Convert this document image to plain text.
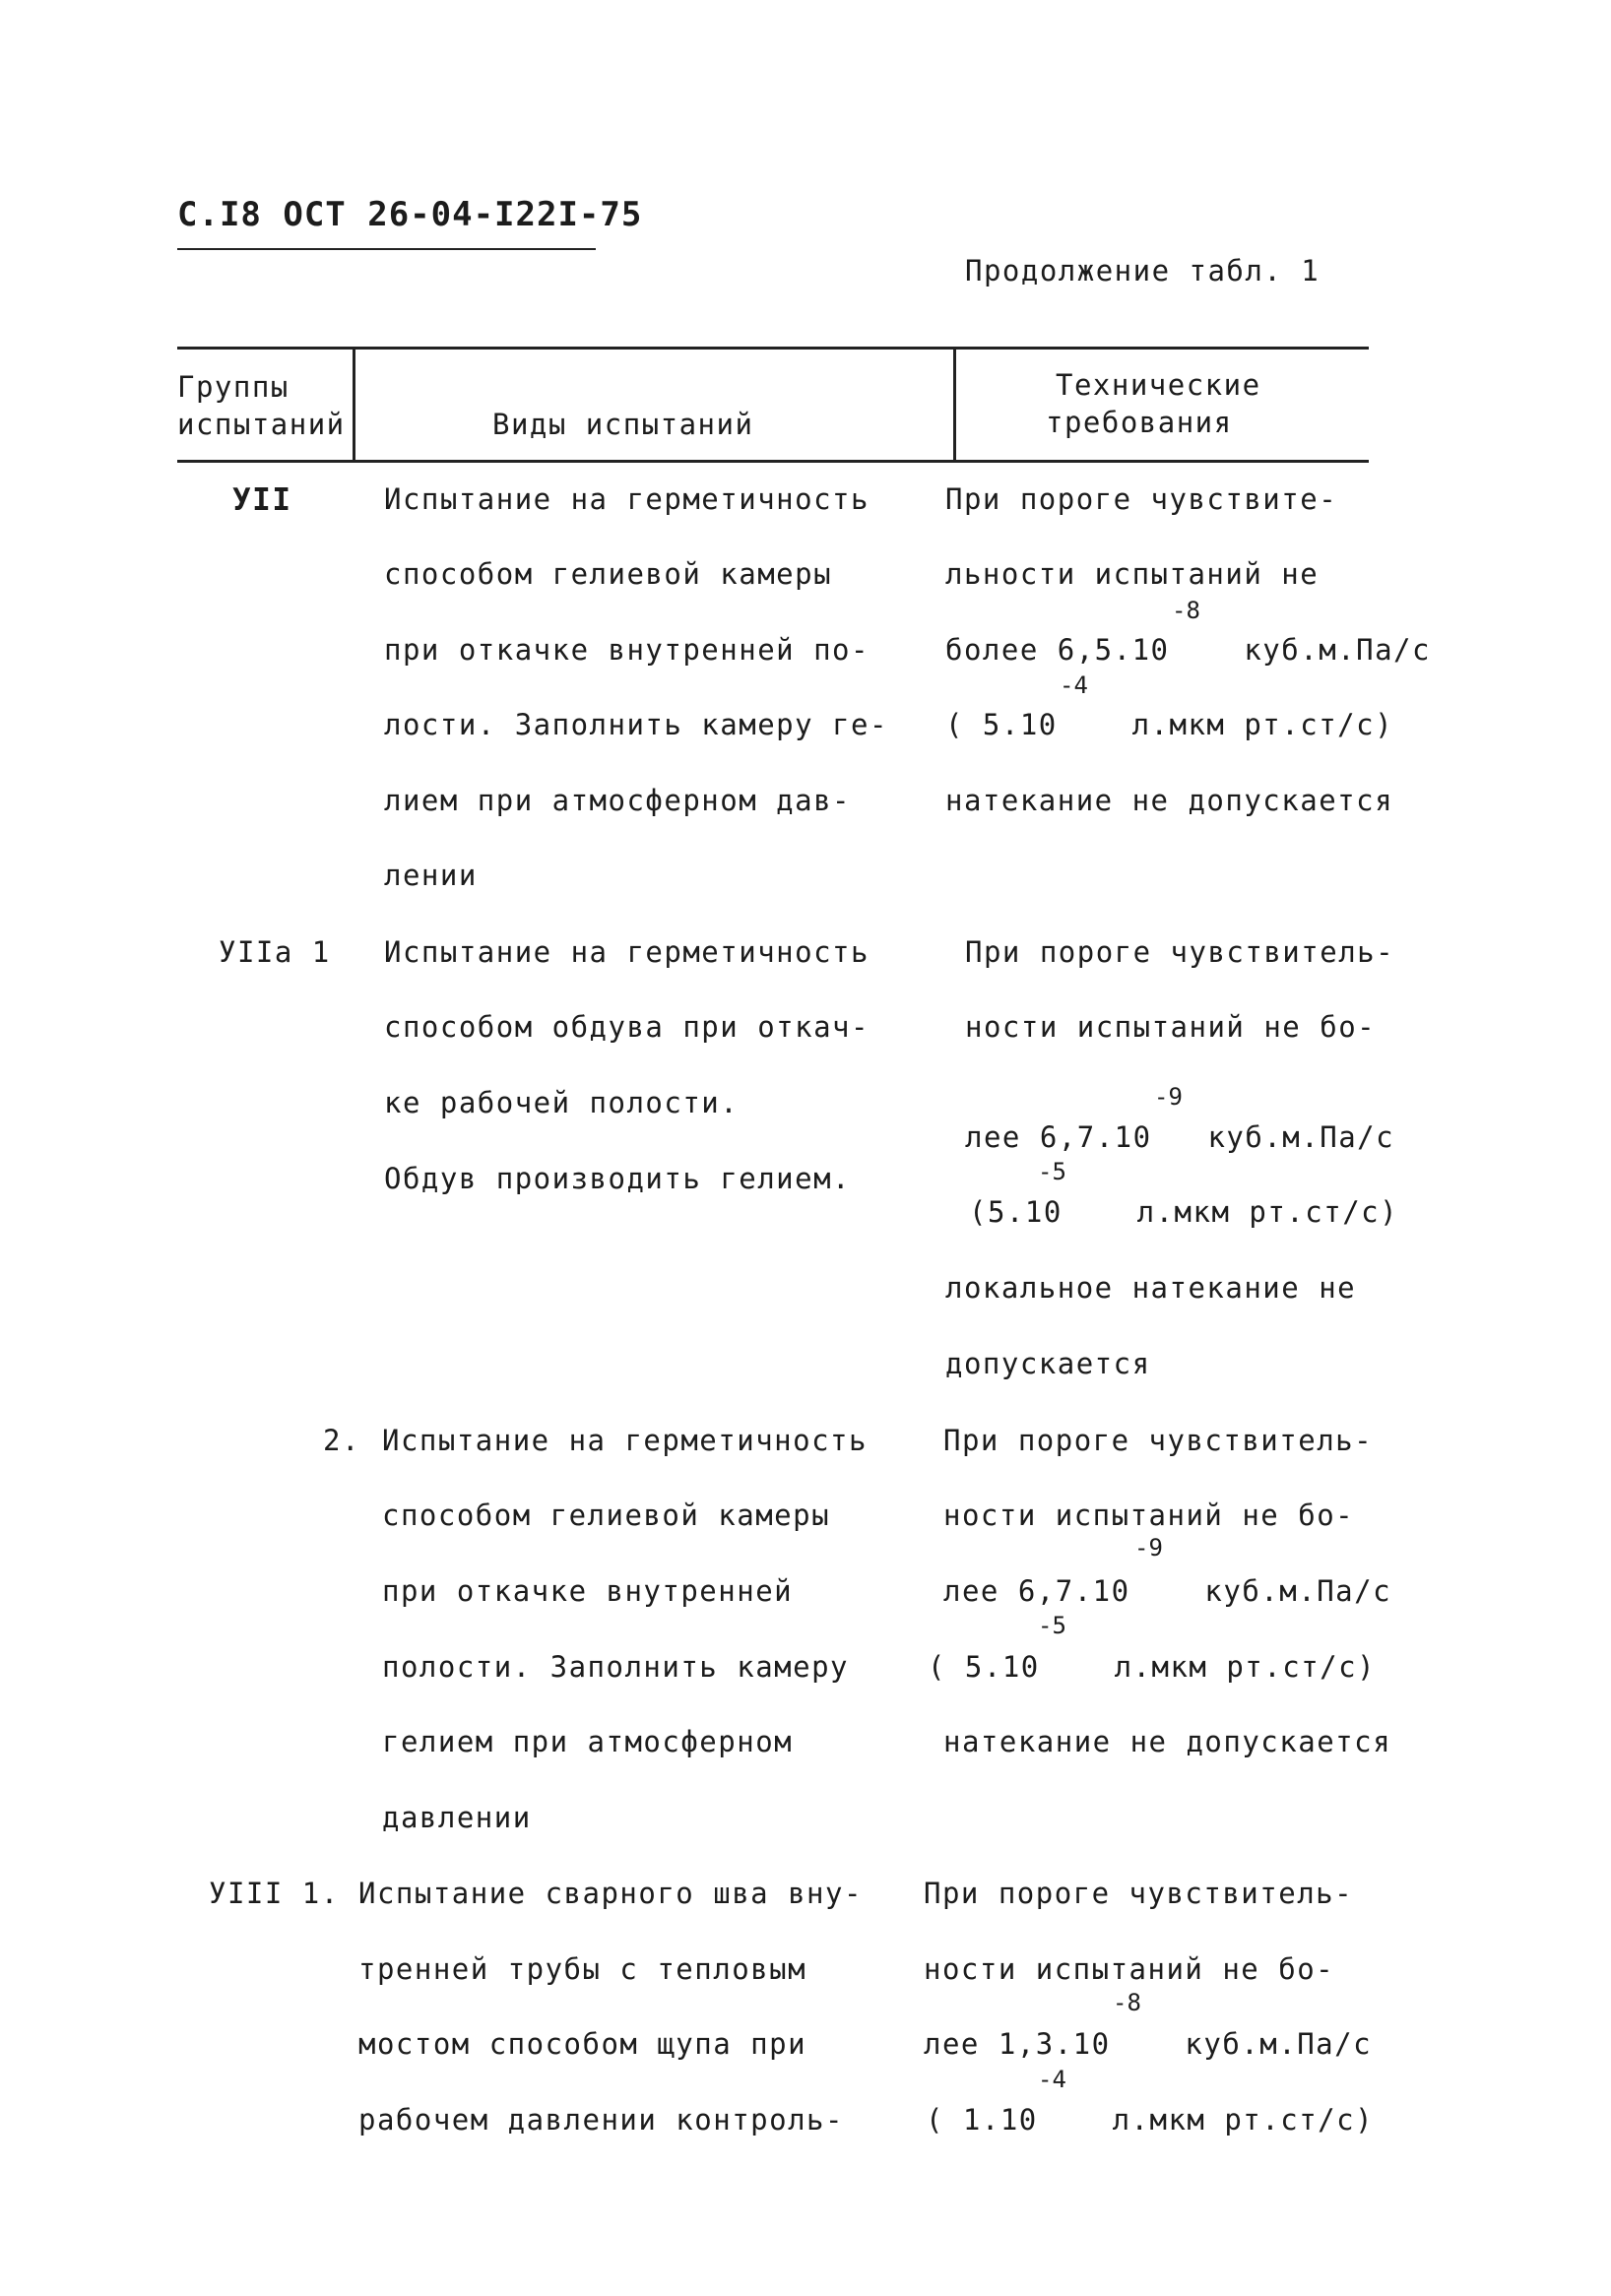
С.I8 ОСТ 26-04-I22I-75
Продолжение табл. 1
Группы
испытаний	Виды испытаний
Технические
требования
УII	Испытание на герметичность
способом гелиевой камеры
при откачке внутренней по-
лости. Заполнить камеру ге-
лием при атмосферном дав-
лении
При пороге чувствите-
льности испытаний не
-8
более 6,5.10    куб.м.Па/с
-4
( 5.10    л.мкм рт.ст/с)
натекание не допускается
УIIа 1 Испытание на герметичность
способом обдува при откач-
ке рабочей полости.
Обдув производить гелием.
При пороге чувствитель-
ности испытаний не бо-
-9
лее 6,7.10   куб.м.Па/с
-5
(5.10    л.мкм рт.ст/с)
локальное натекание не
допускается
2. Испытание на герметичность
способом гелиевой камеры
при откачке внутренней
полости. Заполнить камеру
гелием при атмосферном
давлении
При пороге чувствитель-
ности испытаний не бо-
-9
лее 6,7.10    куб.м.Па/с
-5
( 5.10    л.мкм рт.ст/с)
натекание не допускается
УIII 1. Испытание сварного шва вну-
тренней трубы с тепловым
мостом способом щупа при
рабочем давлении контроль-
При пороге чувствитель-
ности испытаний не бо-
-8
лее 1,3.10    куб.м.Па/с
-4
( 1.10    л.мкм рт.ст/с)
